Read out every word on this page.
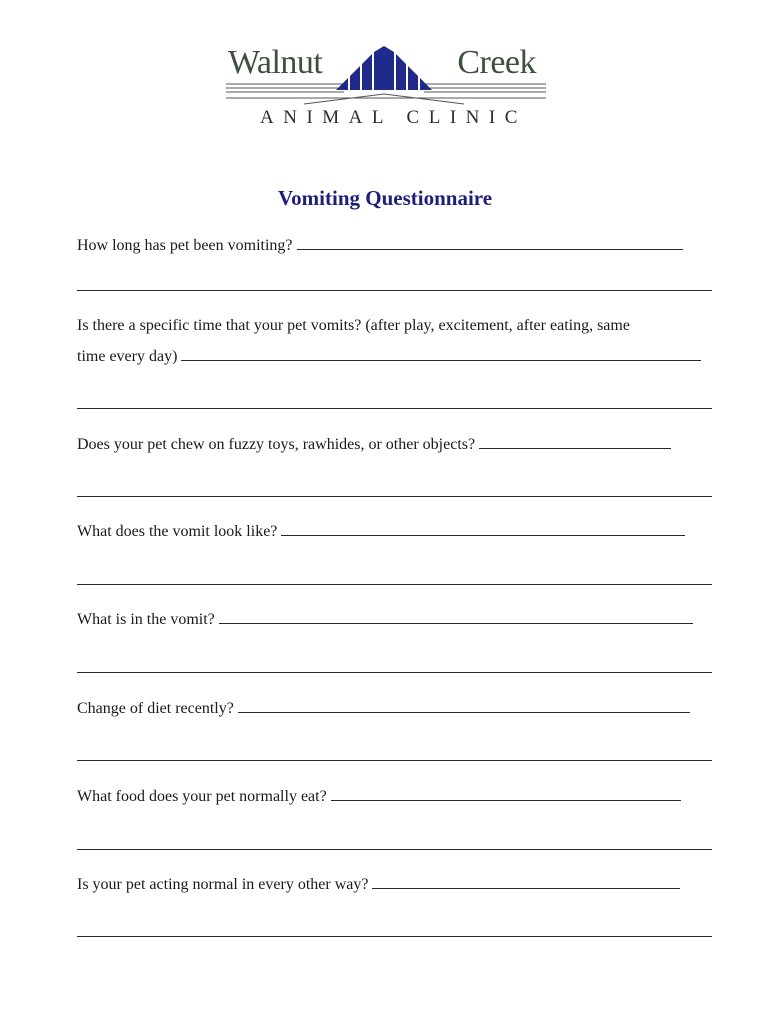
Walnut	Creek
ANIMAL CLINIC
Vomiting Questionnaire
How long has pet been vomiting?
Is there a specific time that your pet vomits? (after play, excitement, after eating, same
time every day)
Does your pet chew on fuzzy toys, rawhides, or other objects?
What does the vomit look like?
What is in the vomit?
Change of diet recently?
What food does your pet normally eat?
Is your pet acting normal in every other way?
